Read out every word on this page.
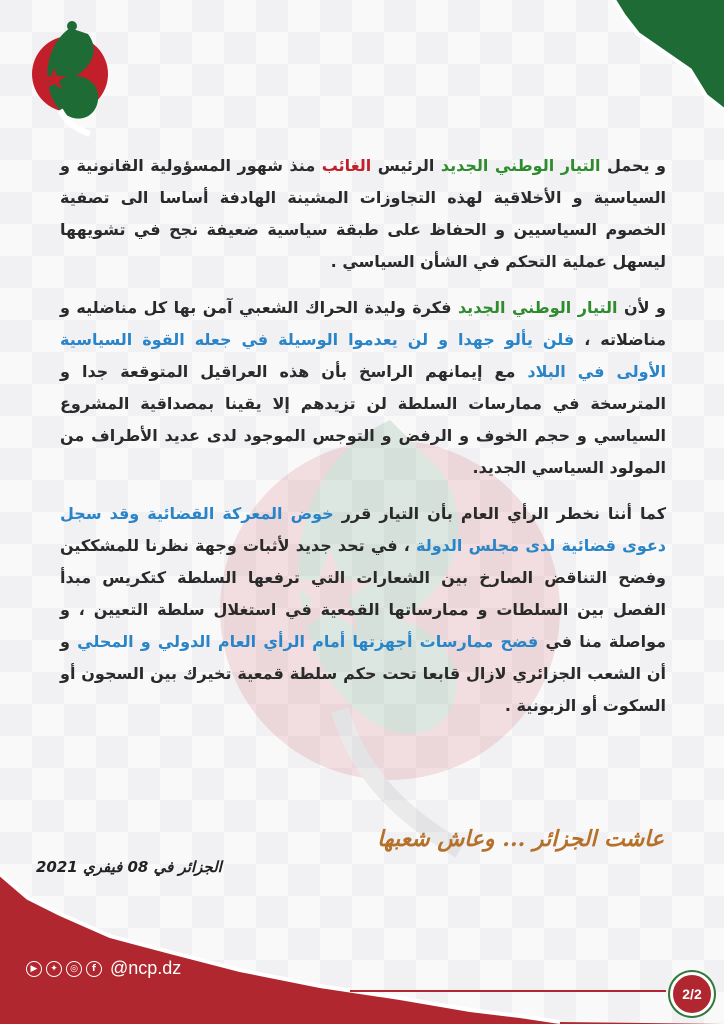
و يحمل التيار الوطني الجديد الرئيس الغائب منذ شهور المسؤولية القانونية و السياسية و الأخلاقية لهذه التجاوزات المشينة الهادفة أساسا الى تصفية الخصوم السياسيين و الحفاظ على طبقة سياسية ضعيفة نجح في تشويهها ليسهل عملية التحكم في الشأن السياسي .

و لأن التيار الوطني الجديد فكرة وليدة الحراك الشعبي آمن بها كل مناضليه و مناضلاته ، فلن يألو جهدا و لن يعدموا الوسيلة في جعله القوة السياسية الأولى في البلاد مع إيمانهم الراسخ بأن هذه العراقيل المتوقعة جدا و المترسخة في ممارسات السلطة لن تزيدهم إلا يقينا بمصداقية المشروع السياسي و حجم الخوف و الرفض و التوجس الموجود لدى عديد الأطراف من المولود السياسي الجديد.

كما أننا نخطر الرأي العام بأن التيار قرر خوض المعركة القضائية وقد سجل دعوى قضائية لدى مجلس الدولة ، في تحد جديد لأثبات وجهة نظرنا للمشككين وفضح التناقض الصارخ بين الشعارات التي ترفعها السلطة كتكريس مبدأ الفصل بين السلطات و ممارساتها القمعية في استغلال سلطة التعيين ، و مواصلة منا في فضح ممارسات أجهزتها أمام الرأي العام الدولي و المحلي و أن الشعب الجزائري لازال قابعا تحت حكم سلطة قمعية تخيرك بين السجون أو السكوت أو الزبونية .

عاشت الجزائر ... وعاش شعبها
الجزائر في 08 فيفري 2021
▶	✦	◎	f @ncp.dz
2/2
